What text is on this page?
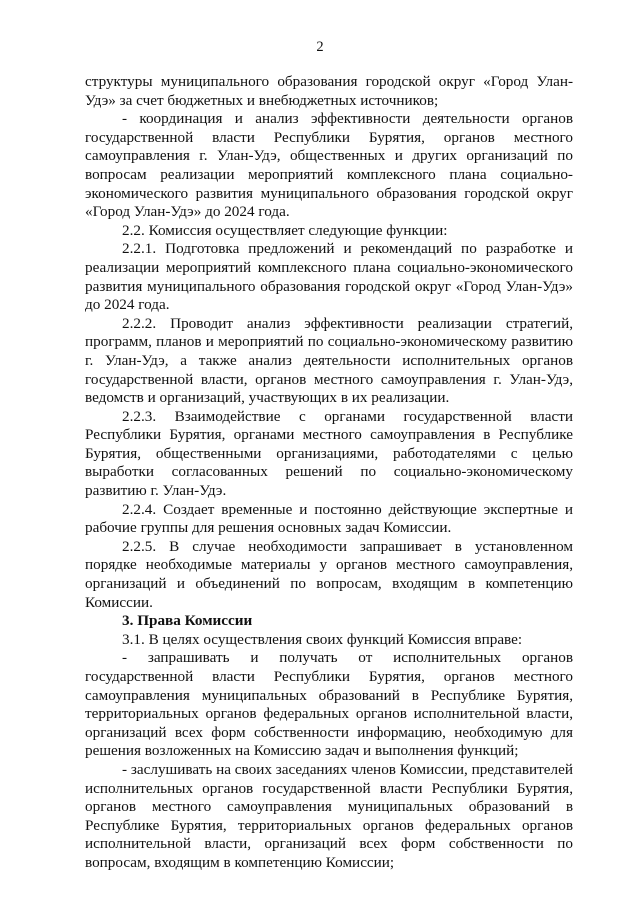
2

структуры муниципального образования городской округ «Город Улан-Удэ» за счет бюджетных и внебюджетных источников;

- координация и анализ эффективности деятельности органов государственной власти Республики Бурятия, органов местного самоуправления г. Улан-Удэ, общественных и других организаций по вопросам реализации мероприятий комплексного плана социально-экономического развития муниципального образования городской округ «Город Улан-Удэ» до 2024 года.

2.2. Комиссия осуществляет следующие функции:

2.2.1. Подготовка предложений и рекомендаций по разработке и реализации мероприятий комплексного плана социально-экономического развития муниципального образования городской округ «Город Улан-Удэ» до 2024 года.

2.2.2. Проводит анализ эффективности реализации стратегий, программ, планов и мероприятий по социально-экономическому развитию г. Улан-Удэ, а также анализ деятельности исполнительных органов государственной власти, органов местного самоуправления г. Улан-Удэ, ведомств и организаций, участвующих в их реализации.

2.2.3. Взаимодействие с органами государственной власти Республики Бурятия, органами местного самоуправления в Республике Бурятия, общественными организациями, работодателями с целью выработки согласованных решений по социально-экономическому развитию г. Улан-Удэ.

2.2.4. Создает временные и постоянно действующие экспертные и рабочие группы для решения основных задач Комиссии.

2.2.5. В случае необходимости запрашивает в установленном порядке необходимые материалы у органов местного самоуправления, организаций и объединений по вопросам, входящим в компетенцию Комиссии.

3. Права Комиссии

3.1. В целях осуществления своих функций Комиссия вправе:

- запрашивать и получать от исполнительных органов государственной власти Республики Бурятия, органов местного самоуправления муниципальных образований в Республике Бурятия, территориальных органов федеральных органов исполнительной власти, организаций всех форм собственности информацию, необходимую для решения возложенных на Комиссию задач и выполнения функций;

- заслушивать на своих заседаниях членов Комиссии, представителей исполнительных органов государственной власти Республики Бурятия, органов местного самоуправления муниципальных образований в Республике Бурятия, территориальных органов федеральных органов исполнительной власти, организаций всех форм собственности по вопросам, входящим в компетенцию Комиссии;
